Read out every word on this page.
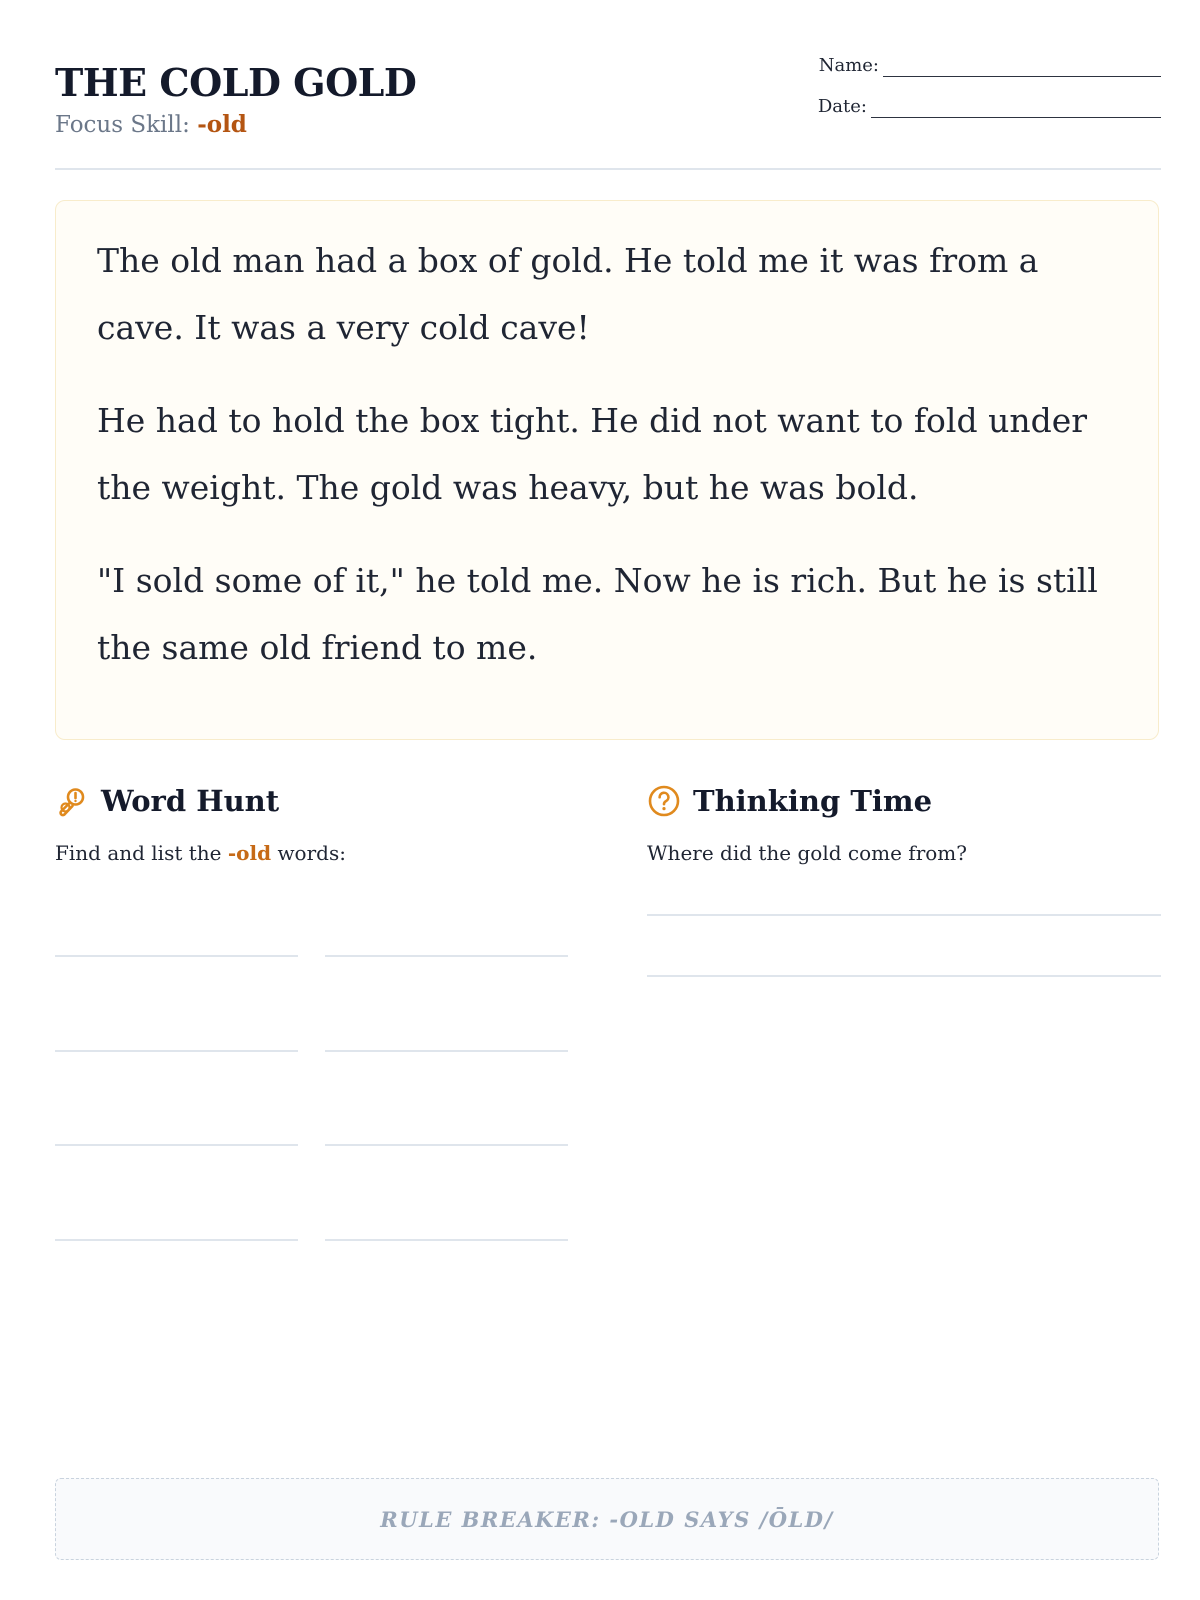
THE COLD GOLD
Focus Skill: -old
Name:
Date:

The old man had a box of gold. He told me it was from a cave. It was a very cold cave!

He had to hold the box tight. He did not want to fold under the weight. The gold was heavy, but he was bold.

"I sold some of it," he told me. Now he is rich. But he is still the same old friend to me.

Word Hunt
Find and list the -old words:
Thinking Time
Where did the gold come from?
RULE BREAKER: -OLD SAYS /ŌLD/
